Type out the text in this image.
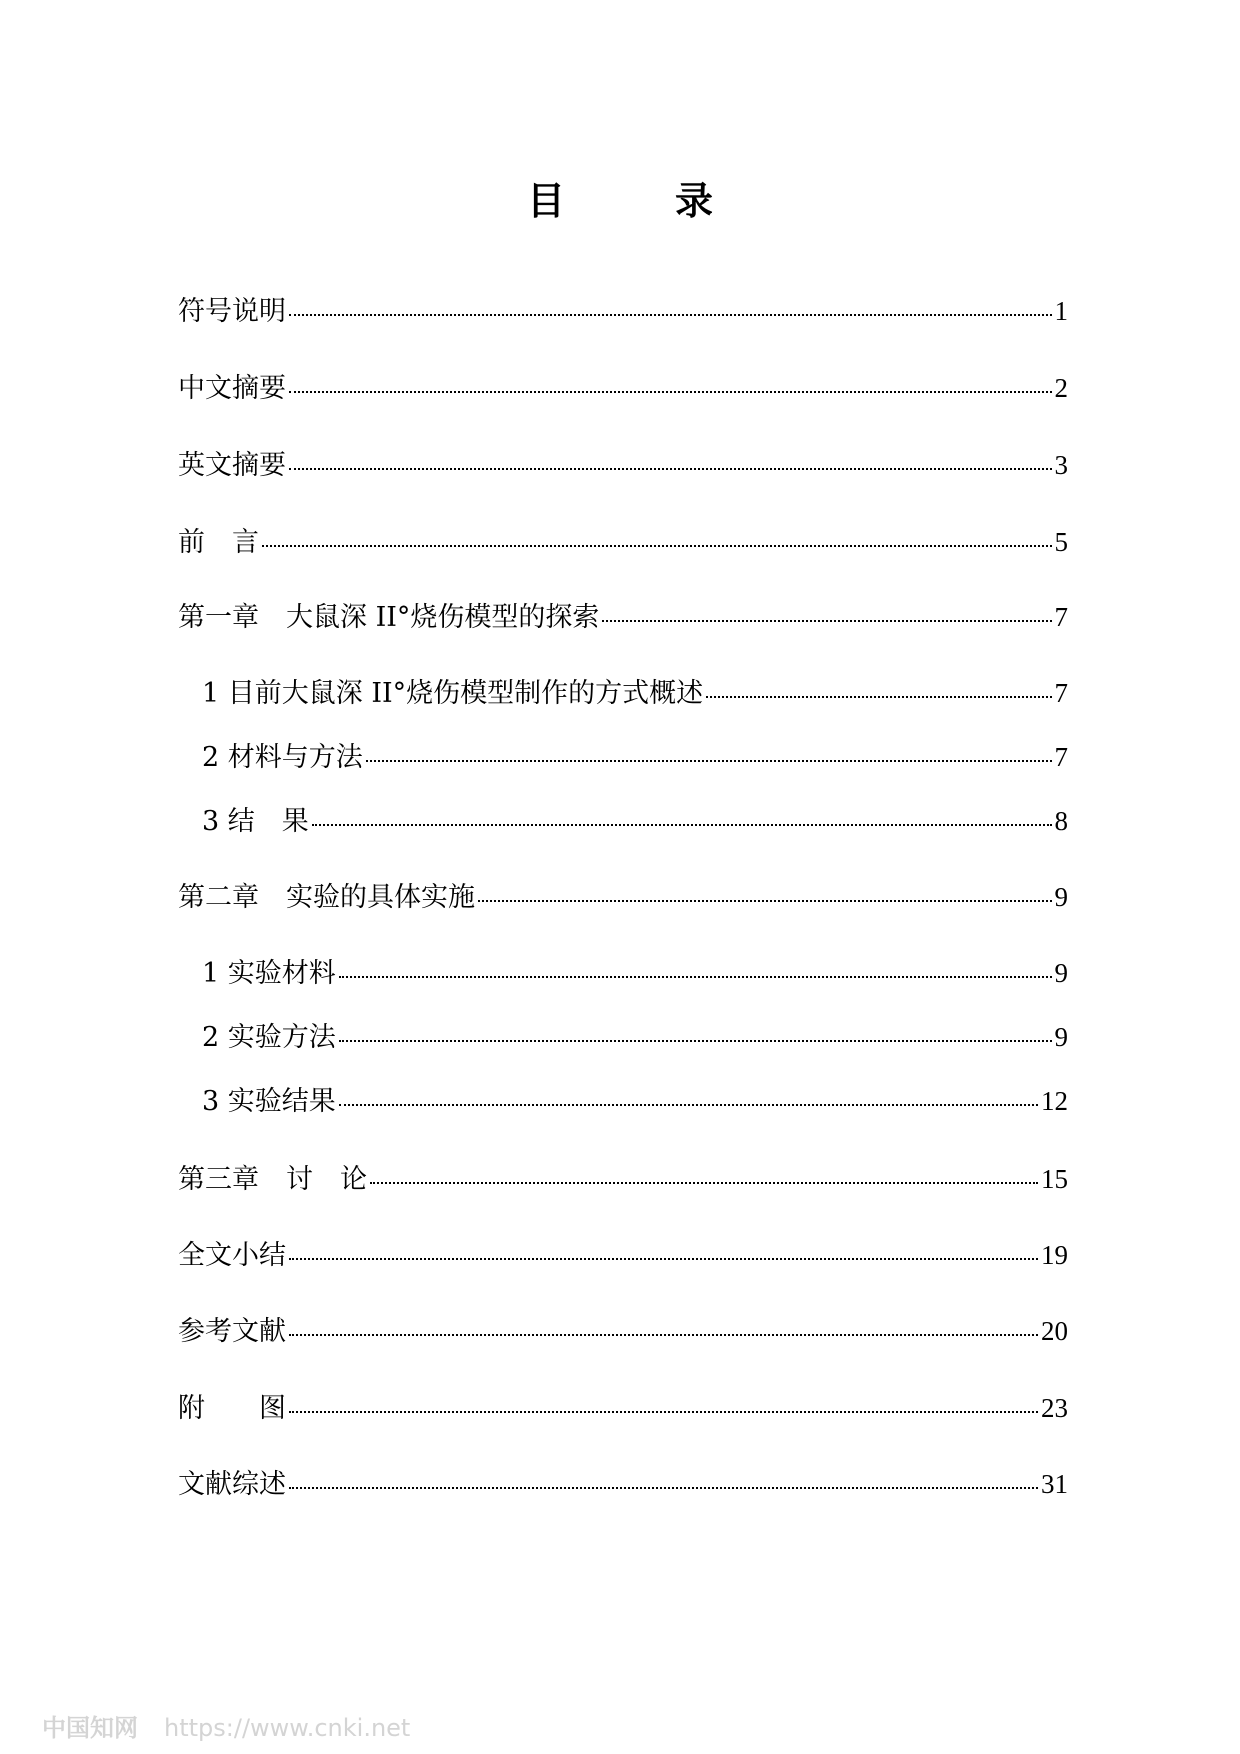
目　录
符号说明	1
中文摘要	2
英文摘要	3
前　言	5
第一章　大鼠深 II°烧伤模型的探索	7
1 目前大鼠深 II°烧伤模型制作的方式概述	7
2 材料与方法	7
3 结　果	8
第二章　实验的具体实施	9
1 实验材料	9
2 实验方法	9
3 实验结果	12
第三章　讨　论	15
全文小结	19
参考文献	20
附　　图	23
文献综述	31
中国知网 https://www.cnki.net
